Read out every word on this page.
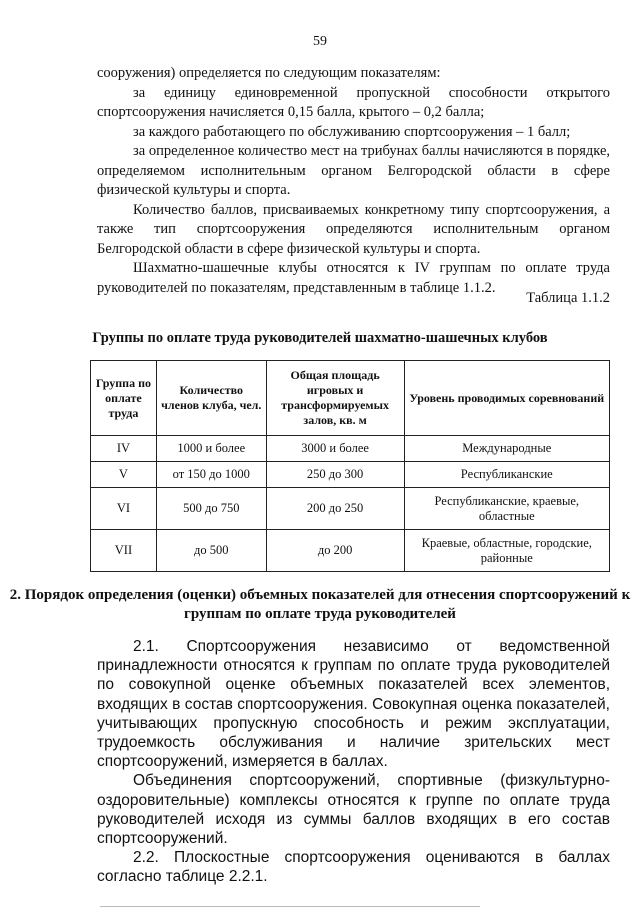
59

сооружения) определяется по следующим показателям:

за единицу единовременной пропускной способности открытого спортсооружения начисляется 0,15 балла, крытого – 0,2 балла;

за каждого работающего по обслуживанию спортсооружения – 1 балл;

за определенное количество мест на трибунах баллы начисляются в порядке, определяемом исполнительным органом Белгородской области в сфере физической культуры и спорта.

Количество баллов, присваиваемых конкретному типу спортсооружения, а также тип спортсооружения определяются исполнительным органом Белгородской области в сфере физической культуры и спорта.

Шахматно-шашечные клубы относятся к IV группам по оплате труда руководителей по показателям, представленным в таблице 1.1.2.

Таблица 1.1.2
Группы по оплате труда руководителей шахматно-шашечных клубов
Группа по оплате труда	Количество членов клуба, чел.	Общая площадь игровых и трансформируемых залов, кв. м	Уровень проводимых соревнований
IV	1000 и более	3000 и более	Международные
V	от 150 до 1000	250 до 300	Республиканские
VI	500 до 750	200 до 250	Республиканские, краевые, областные
VII	до 500	до 200	Краевые, областные, городские, районные
2. Порядок определения (оценки) объемных показателей для отнесения спортсооружений к группам по оплате труда руководителей

2.1. Спортсооружения независимо от ведомственной принадлежности относятся к группам по оплате труда руководителей по совокупной оценке объемных показателей всех элементов, входящих в состав спортсооружения. Совокупная оценка показателей, учитывающих пропускную способность и режим эксплуатации, трудоемкость обслуживания и наличие зрительских мест спортсооружений, измеряется в баллах.

Объединения спортсооружений, спортивные (физкультурно-оздоровительные) комплексы относятся к группе по оплате труда руководителей исходя из суммы баллов входящих в его состав спортсооружений.

2.2. Плоскостные спортсооружения оцениваются в баллах согласно таблице 2.2.1.
